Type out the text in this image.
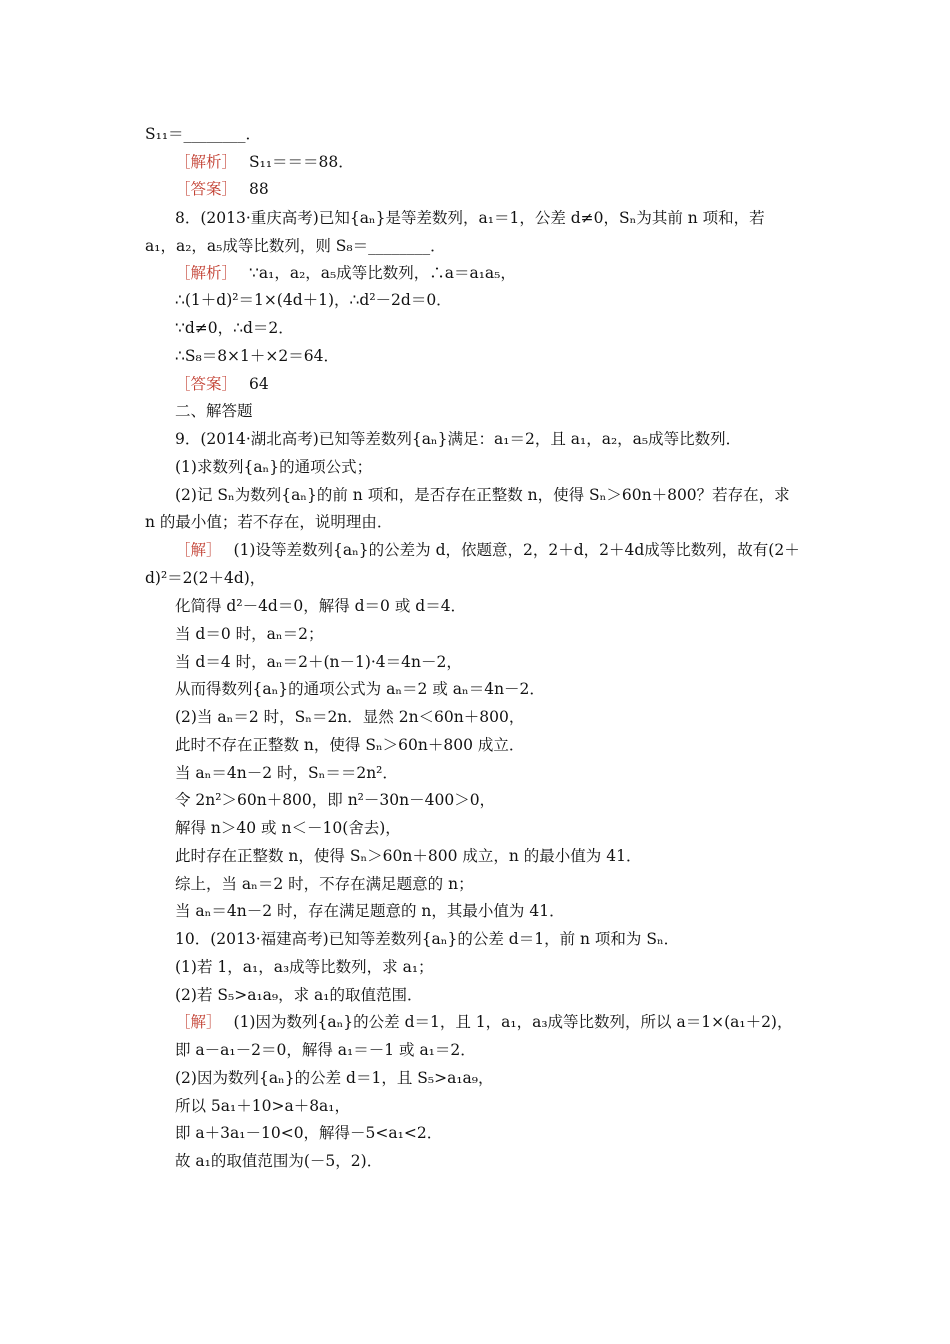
S₁₁＝________．
［解析］ S₁₁＝＝＝88．
［答案］ 88
8．(2013·重庆高考)已知{aₙ}是等差数列，a₁＝1，公差 d≠0，Sₙ为其前 n 项和，若
a₁，a₂，a₅成等比数列，则 S₈＝________．
［解析］ ∵a₁，a₂，a₅成等比数列，∴a＝a₁a₅，
∴(1＋d)²＝1×(4d＋1)，∴d²－2d＝0．
∵d≠0，∴d＝2．
∴S₈＝8×1＋×2＝64．
［答案］ 64
二、解答题
9．(2014·湖北高考)已知等差数列{aₙ}满足：a₁＝2，且 a₁，a₂，a₅成等比数列．
(1)求数列{aₙ}的通项公式；
(2)记 Sₙ为数列{aₙ}的前 n 项和，是否存在正整数 n，使得 Sₙ＞60n＋800？若存在，求
n 的最小值；若不存在，说明理由．
［解］ (1)设等差数列{aₙ}的公差为 d，依题意，2，2＋d，2＋4d成等比数列，故有(2＋
d)²＝2(2＋4d)，
化简得 d²－4d＝0，解得 d＝0 或 d＝4．
当 d＝0 时，aₙ＝2；
当 d＝4 时，aₙ＝2＋(n－1)·4＝4n－2，
从而得数列{aₙ}的通项公式为 aₙ＝2 或 aₙ＝4n－2．
(2)当 aₙ＝2 时，Sₙ＝2n．显然 2n＜60n＋800，
此时不存在正整数 n，使得 Sₙ＞60n＋800 成立．
当 aₙ＝4n－2 时，Sₙ＝＝2n²．
令 2n²＞60n＋800，即 n²－30n－400＞0，
解得 n＞40 或 n＜－10(舍去)，
此时存在正整数 n，使得 Sₙ＞60n＋800 成立，n 的最小值为 41．
综上，当 aₙ＝2 时，不存在满足题意的 n；
当 aₙ＝4n－2 时，存在满足题意的 n，其最小值为 41．
10．(2013·福建高考)已知等差数列{aₙ}的公差 d＝1，前 n 项和为 Sₙ．
(1)若 1，a₁，a₃成等比数列，求 a₁；
(2)若 S₅>a₁a₉，求 a₁的取值范围．
［解］ (1)因为数列{aₙ}的公差 d＝1，且 1，a₁，a₃成等比数列，所以 a＝1×(a₁＋2)，
即 a－a₁－2＝0，解得 a₁＝－1 或 a₁＝2．
(2)因为数列{aₙ}的公差 d＝1，且 S₅>a₁a₉，
所以 5a₁＋10>a＋8a₁，
即 a＋3a₁－10<0，解得－5<a₁<2．
故 a₁的取值范围为(－5，2)．
